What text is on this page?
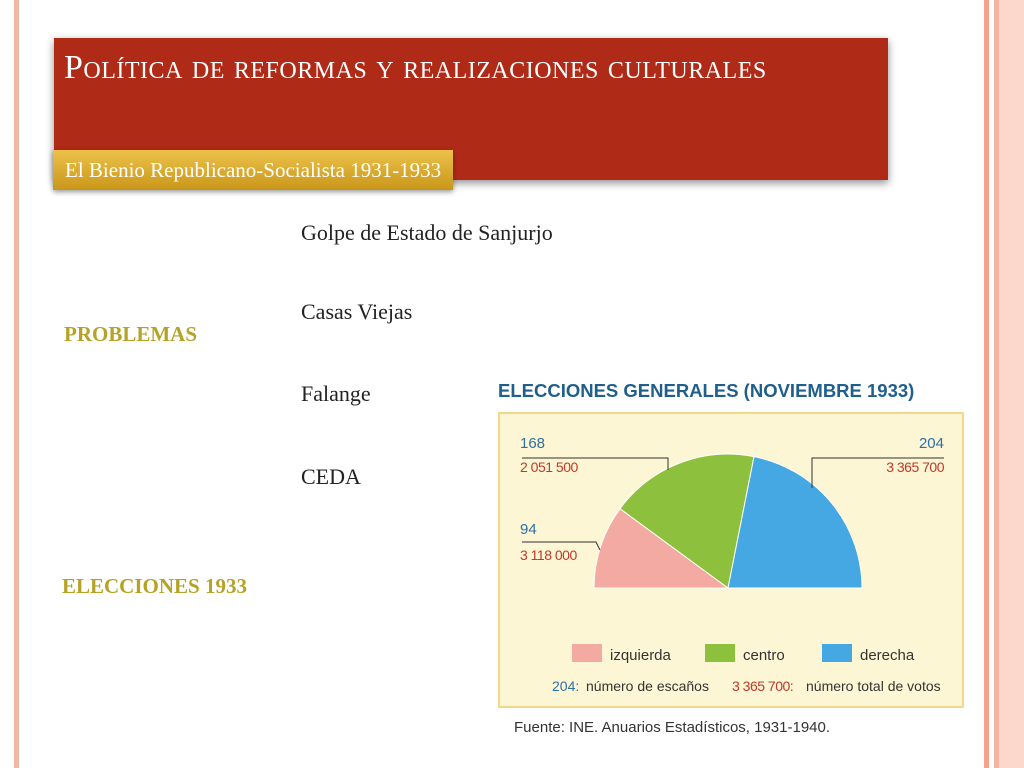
Política de reformas y realizaciones culturales
El Bienio Republicano-Socialista 1931-1933
PROBLEMAS
ELECCIONES 1933
Golpe de Estado de Sanjurjo
Casas Viejas
Falange
CEDA
ELECCIONES GENERALES (NOVIEMBRE 1933)
168
2 051 500
204
3 365 700
94
3 118 000
izquierda	centro	derecha
204: número de escaños 3 365 700: número total de votos
Fuente: INE. Anuarios Estadísticos, 1931-1940.
